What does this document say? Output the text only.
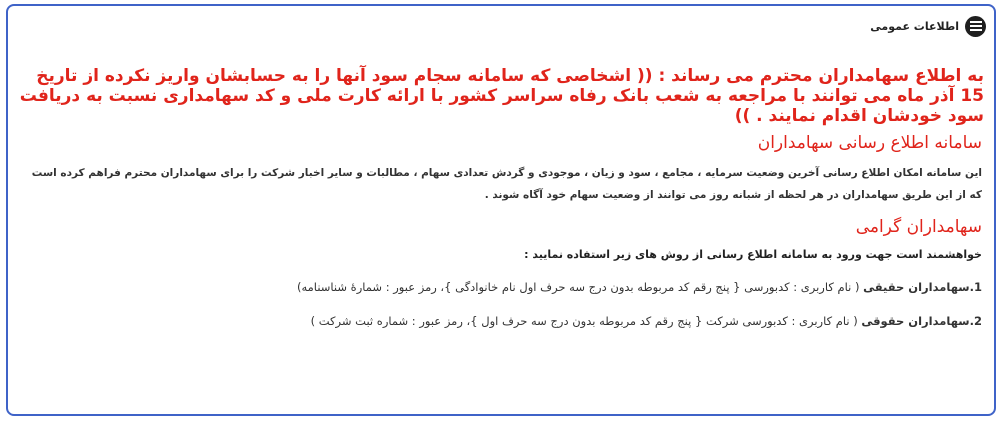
اطلاعات عمومی
به اطلاع سهامداران محترم می رساند : (( اشخاصی که سامانه سجام سود آنها را به حسابشان واریز نکرده از تاریخ 15 آذر ماه می توانند با مراجعه به شعب بانک رفاه سراسر کشور با ارائه کارت ملی و کد سهامداری نسبت به دریافت سود خودشان اقدام نمایند . ))
سامانه اطلاع رسانی سهامداران
این سامانه امکان اطلاع رسانی آخرین وضعیت سرمایه ، مجامع ، سود و زیان ، موجودی و گردش تعدادی سهام ، مطالبات و سایر اخبار شرکت را برای سهامداران محترم فراهم کرده است که از این طریق سهامداران در هر لحظه از شبانه روز می توانند از وضعیت سهام خود آگاه شوند .
سهامداران گرامی
خواهشمند است جهت ورود به سامانه اطلاع رسانی از روش های زیر استفاده نمایید :
1.سهامداران حقیقی ( نام کاربری : کدبورسی { پنج رقم کد مربوطه بدون درج سه حرف اول نام خانوادگی }، رمز عبور : شمارهٔ شناسنامه)
2.سهامداران حقوقی ( نام کاربری : کدبورسی شرکت { پنج رقم کد مربوطه بدون درج سه حرف اول }، رمز عبور : شماره ثبت شرکت )
